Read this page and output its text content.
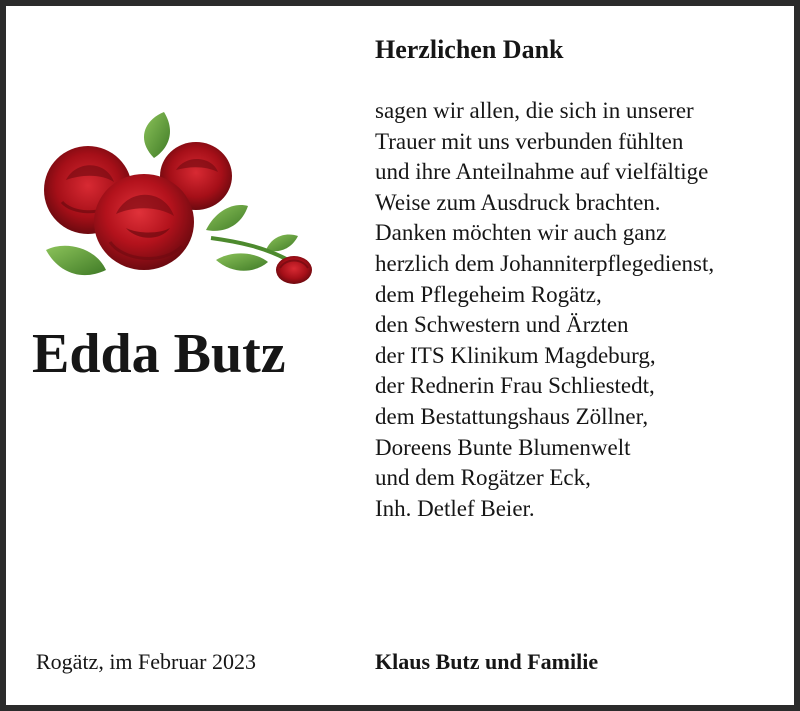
Edda Butz
Rogätz, im Februar 2023
Herzlichen Dank
sagen wir allen, die sich in unserer
Trauer mit uns verbunden fühlten
und ihre Anteilnahme auf vielfältige
Weise zum Ausdruck brachten.
Danken möchten wir auch ganz
herzlich dem Johanniterpflegedienst,
dem Pflegeheim Rogätz,
den Schwestern und Ärzten
der ITS Klinikum Magdeburg,
der Rednerin Frau Schliestedt,
dem Bestattungshaus Zöllner,
Doreens Bunte Blumenwelt
und dem Rogätzer Eck,
Inh. Detlef Beier.
Klaus Butz und Familie
